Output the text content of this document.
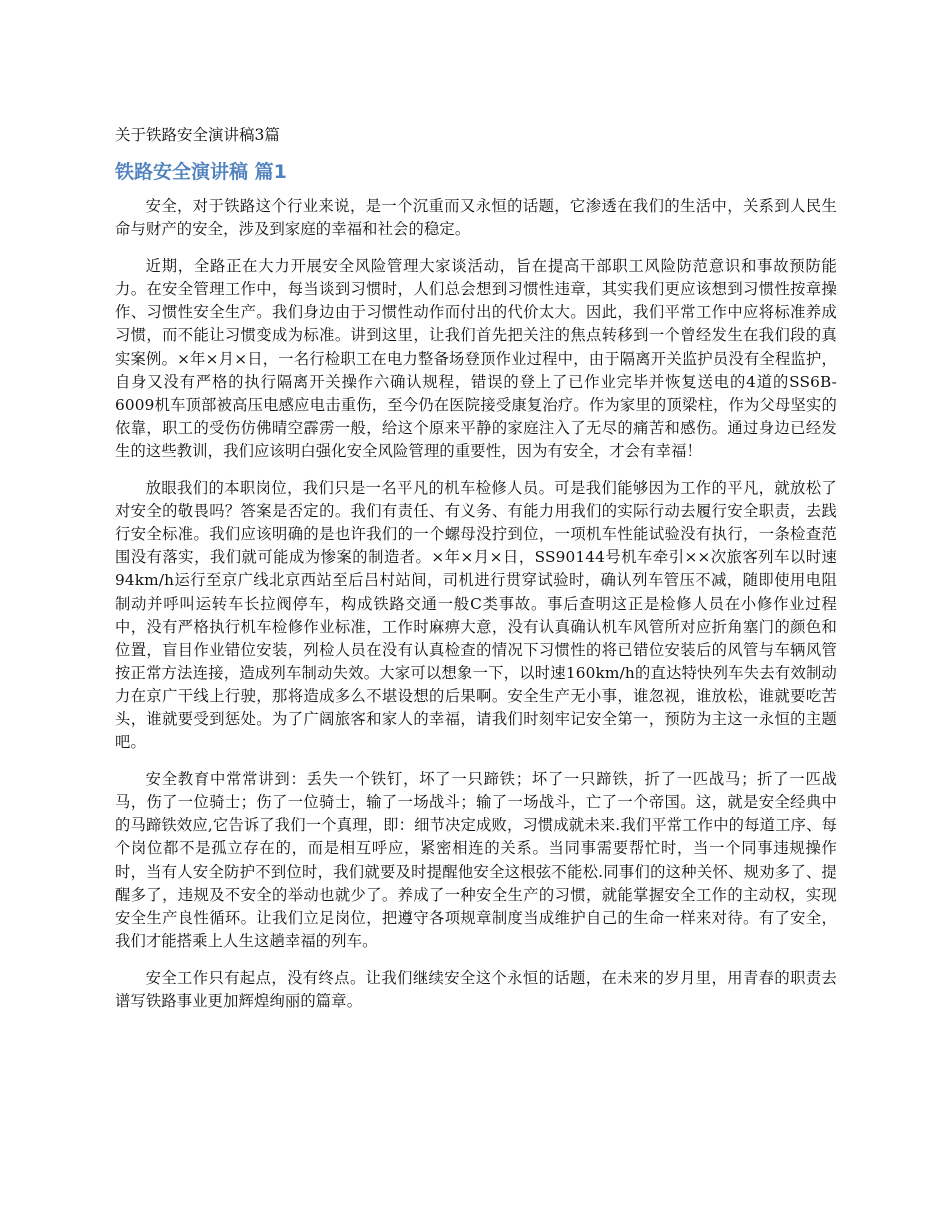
关于铁路安全演讲稿3篇
铁路安全演讲稿 篇1

安全，对于铁路这个行业来说，是一个沉重而又永恒的话题，它渗透在我们的生活中，关系到人民生命与财产的安全，涉及到家庭的幸福和社会的稳定。

近期，全路正在大力开展安全风险管理大家谈活动，旨在提高干部职工风险防范意识和事故预防能力。在安全管理工作中，每当谈到习惯时，人们总会想到习惯性违章，其实我们更应该想到习惯性按章操作、习惯性安全生产。我们身边由于习惯性动作而付出的代价太大。因此，我们平常工作中应将标准养成习惯，而不能让习惯变成为标准。讲到这里，让我们首先把关注的焦点转移到一个曾经发生在我们段的真实案例。×年×月×日，一名行检职工在电力整备场登顶作业过程中，由于隔离开关监护员没有全程监护，自身又没有严格的执行隔离开关操作六确认规程，错误的登上了已作业完毕并恢复送电的4道的SS6B-6009机车顶部被高压电感应电击重伤，至今仍在医院接受康复治疗。作为家里的顶梁柱，作为父母坚实的依靠，职工的受伤仿佛晴空霹雳一般，给这个原来平静的家庭注入了无尽的痛苦和感伤。通过身边已经发生的这些教训，我们应该明白强化安全风险管理的重要性，因为有安全，才会有幸福！

放眼我们的本职岗位，我们只是一名平凡的机车检修人员。可是我们能够因为工作的平凡，就放松了对安全的敬畏吗？答案是否定的。我们有责任、有义务、有能力用我们的实际行动去履行安全职责，去践行安全标准。我们应该明确的是也许我们的一个螺母没拧到位，一项机车性能试验没有执行，一条检查范围没有落实，我们就可能成为惨案的制造者。×年×月×日，SS90144号机车牵引××次旅客列车以时速94km/h运行至京广线北京西站至后吕村站间，司机进行贯穿试验时，确认列车管压不减，随即使用电阻制动并呼叫运转车长拉阀停车，构成铁路交通一般C类事故。事后查明这正是检修人员在小修作业过程中，没有严格执行机车检修作业标准，工作时麻痹大意，没有认真确认机车风管所对应折角塞门的颜色和位置，盲目作业错位安装，列检人员在没有认真检查的情况下习惯性的将已错位安装后的风管与车辆风管按正常方法连接，造成列车制动失效。大家可以想象一下，以时速160km/h的直达特快列车失去有效制动力在京广干线上行驶，那将造成多么不堪设想的后果啊。安全生产无小事，谁忽视，谁放松，谁就要吃苦头，谁就要受到惩处。为了广阔旅客和家人的幸福，请我们时刻牢记安全第一，预防为主这一永恒的主题吧。

安全教育中常常讲到：丢失一个铁钉，坏了一只蹄铁；坏了一只蹄铁，折了一匹战马；折了一匹战马，伤了一位骑士；伤了一位骑士，输了一场战斗；输了一场战斗，亡了一个帝国。这，就是安全经典中的马蹄铁效应,它告诉了我们一个真理，即：细节决定成败，习惯成就未来.我们平常工作中的每道工序、每个岗位都不是孤立存在的，而是相互呼应，紧密相连的关系。当同事需要帮忙时，当一个同事违规操作时，当有人安全防护不到位时，我们就要及时提醒他安全这根弦不能松.同事们的这种关怀、规劝多了、提醒多了，违规及不安全的举动也就少了。养成了一种安全生产的习惯，就能掌握安全工作的主动权，实现安全生产良性循环。让我们立足岗位，把遵守各项规章制度当成维护自己的生命一样来对待。有了安全，我们才能搭乘上人生这趟幸福的列车。

安全工作只有起点，没有终点。让我们继续安全这个永恒的话题，在未来的岁月里，用青春的职责去谱写铁路事业更加辉煌绚丽的篇章。
